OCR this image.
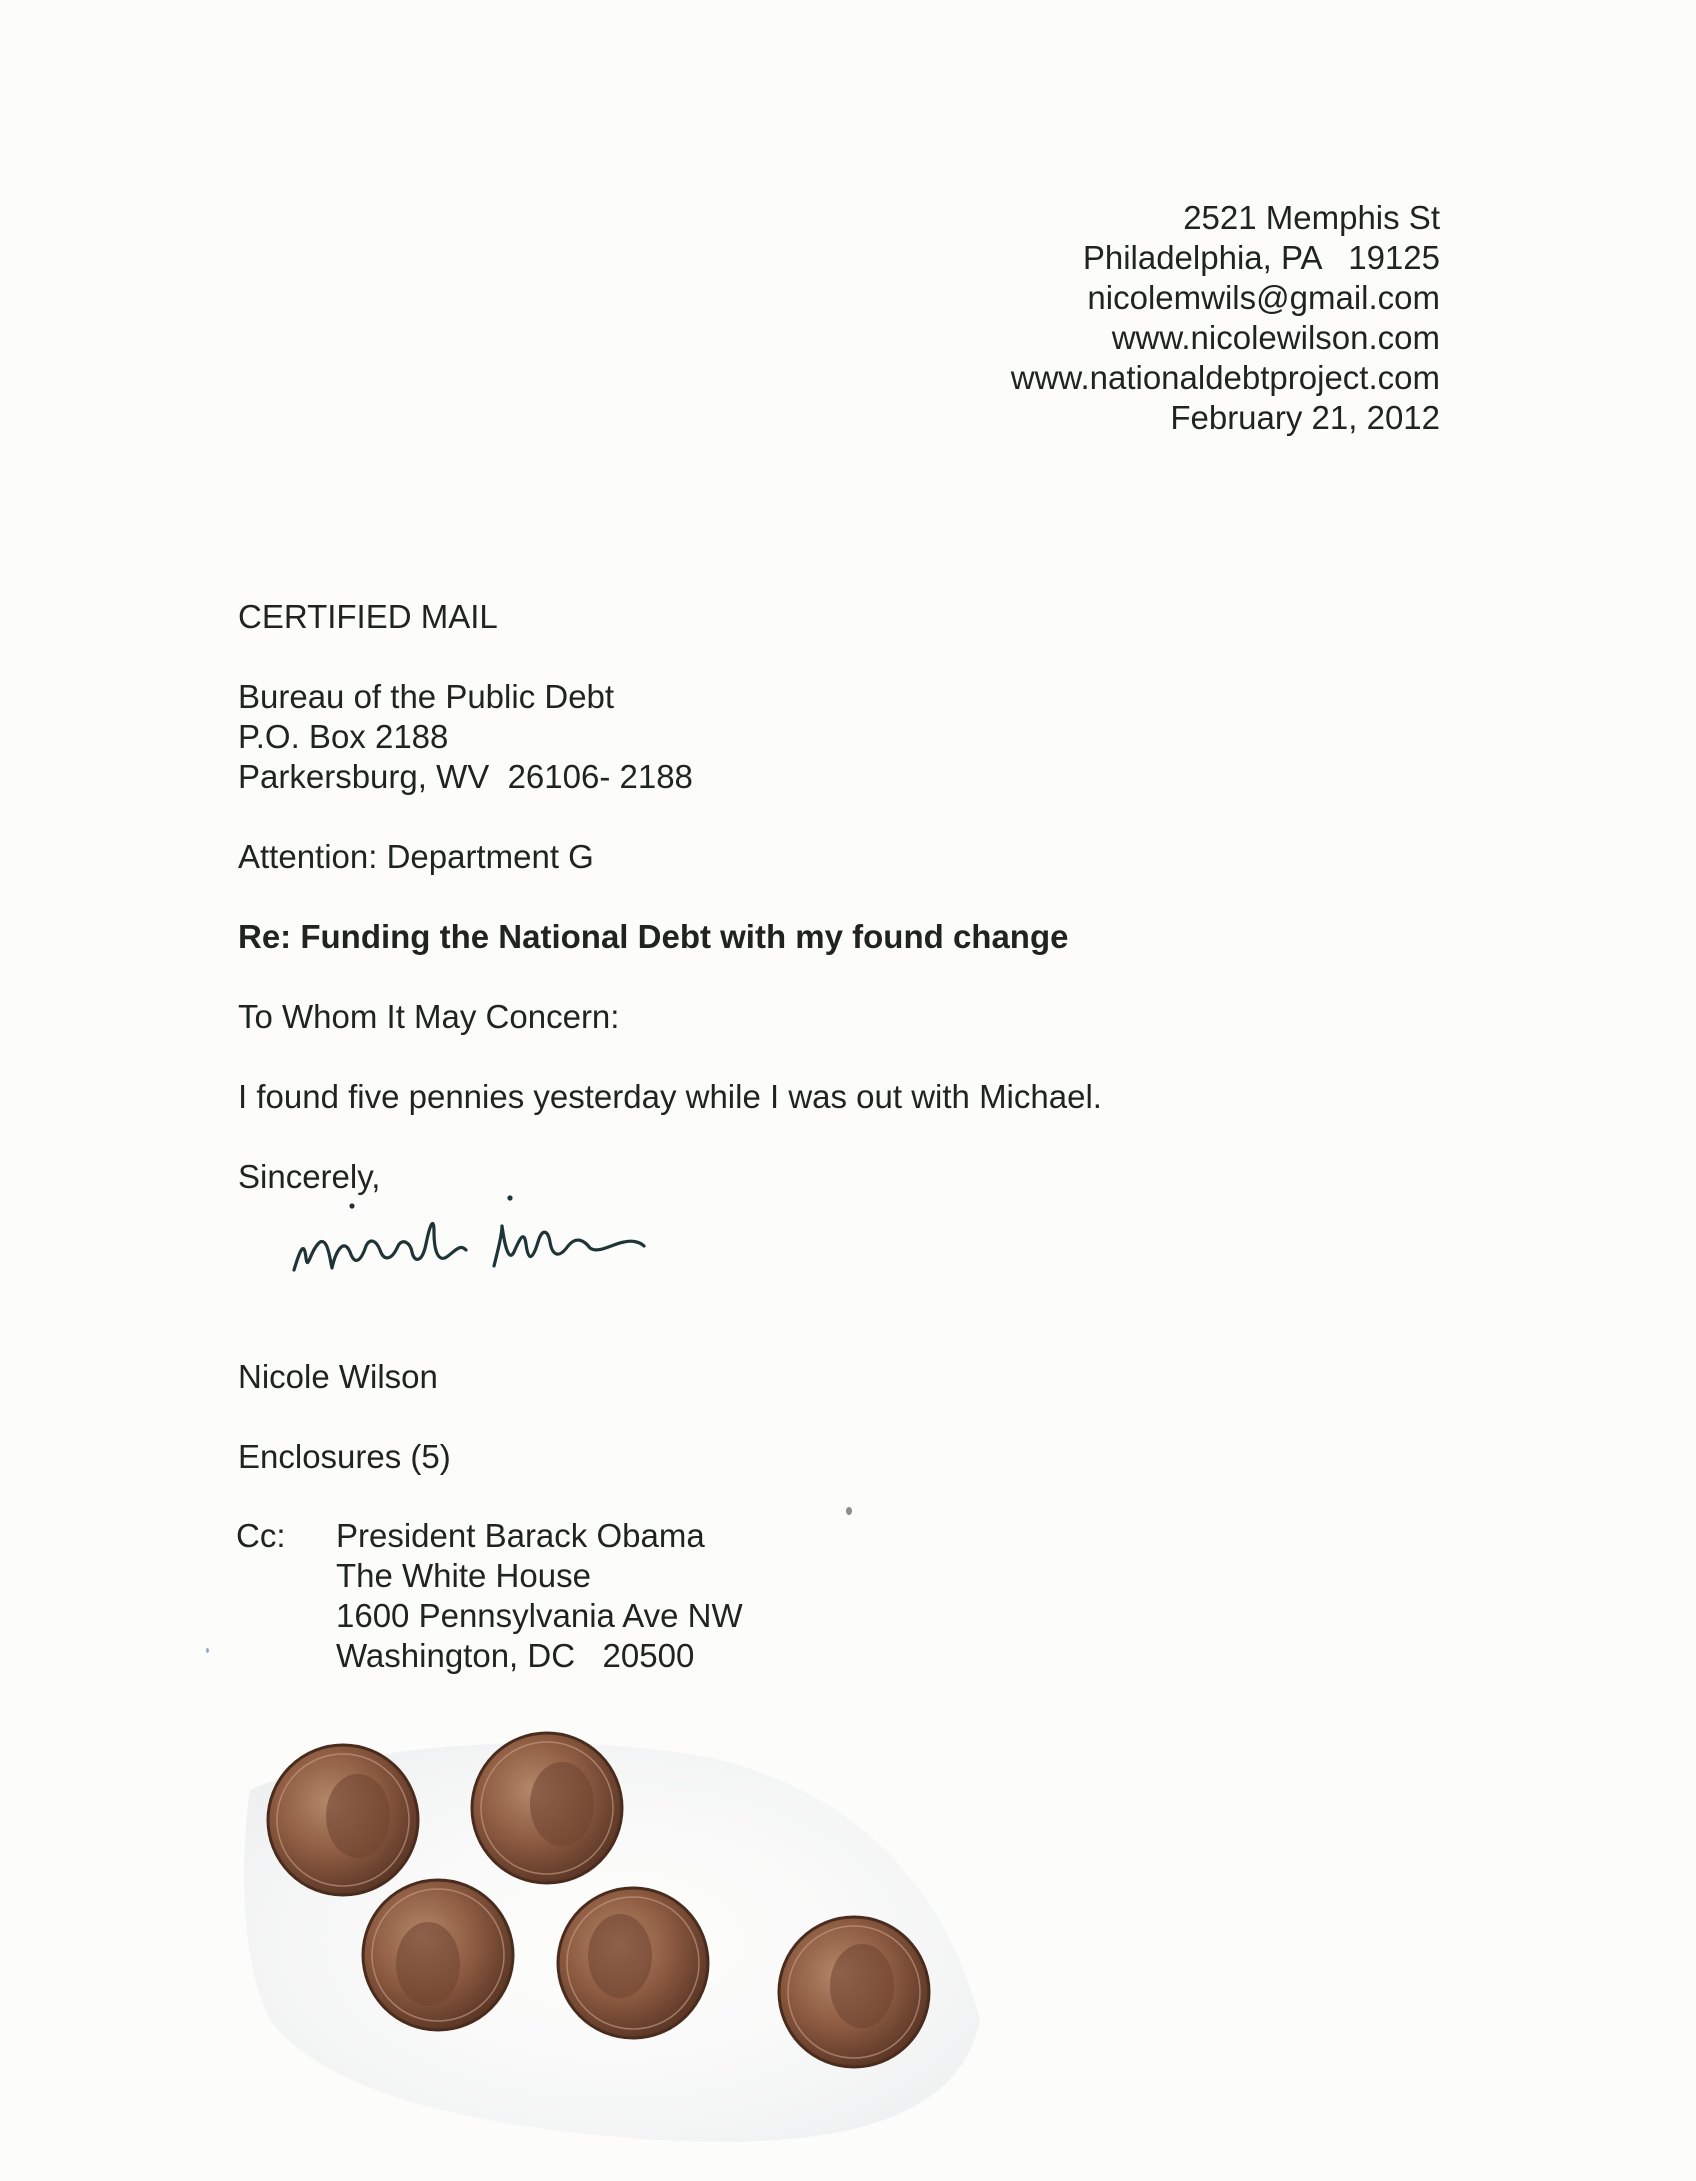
2521 Memphis St
Philadelphia, PA   19125
nicolemwils@gmail.com
www.nicolewilson.com
www.nationaldebtproject.com
February 21, 2012
CERTIFIED MAIL
Bureau of the Public Debt
P.O. Box 2188
Parkersburg, WV  26106- 2188
Attention: Department G
Re: Funding the National Debt with my found change
To Whom It May Concern:
I found five pennies yesterday while I was out with Michael.
Sincerely,
Nicole Wilson
Enclosures (5)
Cc: President Barack Obama
The White House
1600 Pennsylvania Ave NW
Washington, DC   20500
